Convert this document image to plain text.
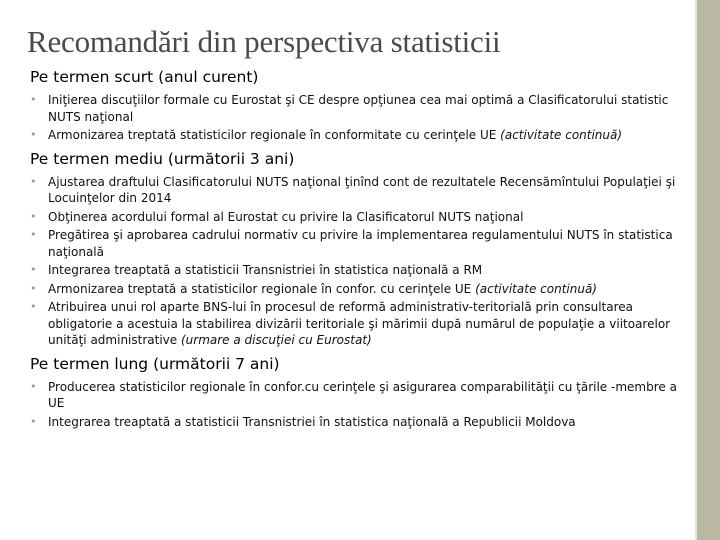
Recomandări din perspectiva statisticii
Pe termen scurt (anul curent)
• Iniţierea discuţiilor formale cu Eurostat şi CE despre opţiunea cea mai optimă a Clasificatorului statistic NUTS naţional
• Armonizarea treptată statisticilor regionale în conformitate cu cerinţele UE (activitate continuă)
Pe termen mediu (următorii 3 ani)
• Ajustarea draftului Clasificatorului NUTS naţional ţinînd cont de rezultatele Recensămîntului Populaţiei şi Locuinţelor din 2014
• Obţinerea acordului formal al Eurostat cu privire la Clasificatorul NUTS naţional
• Pregătirea şi aprobarea cadrului normativ cu privire la implementarea regulamentului NUTS în statistica naţională
• Integrarea treaptată a statisticii Transnistriei în statistica naţională a RM
• Armonizarea treptată a statisticilor regionale în confor. cu cerinţele UE (activitate continuă)
• Atribuirea unui rol aparte BNS-lui în procesul de reformă administrativ-teritorială prin consultarea obligatorie a acestuia la stabilirea divizării teritoriale şi mărimii după numărul de populaţie a viitoarelor unităţi administrative (urmare a discuţiei cu Eurostat)
Pe termen lung (următorii 7 ani)
• Producerea statisticilor regionale în confor.cu cerinţele şi asigurarea comparabilităţii cu ţările -membre a UE
• Integrarea treaptată a statisticii Transnistriei în statistica naţională a Republicii Moldova
